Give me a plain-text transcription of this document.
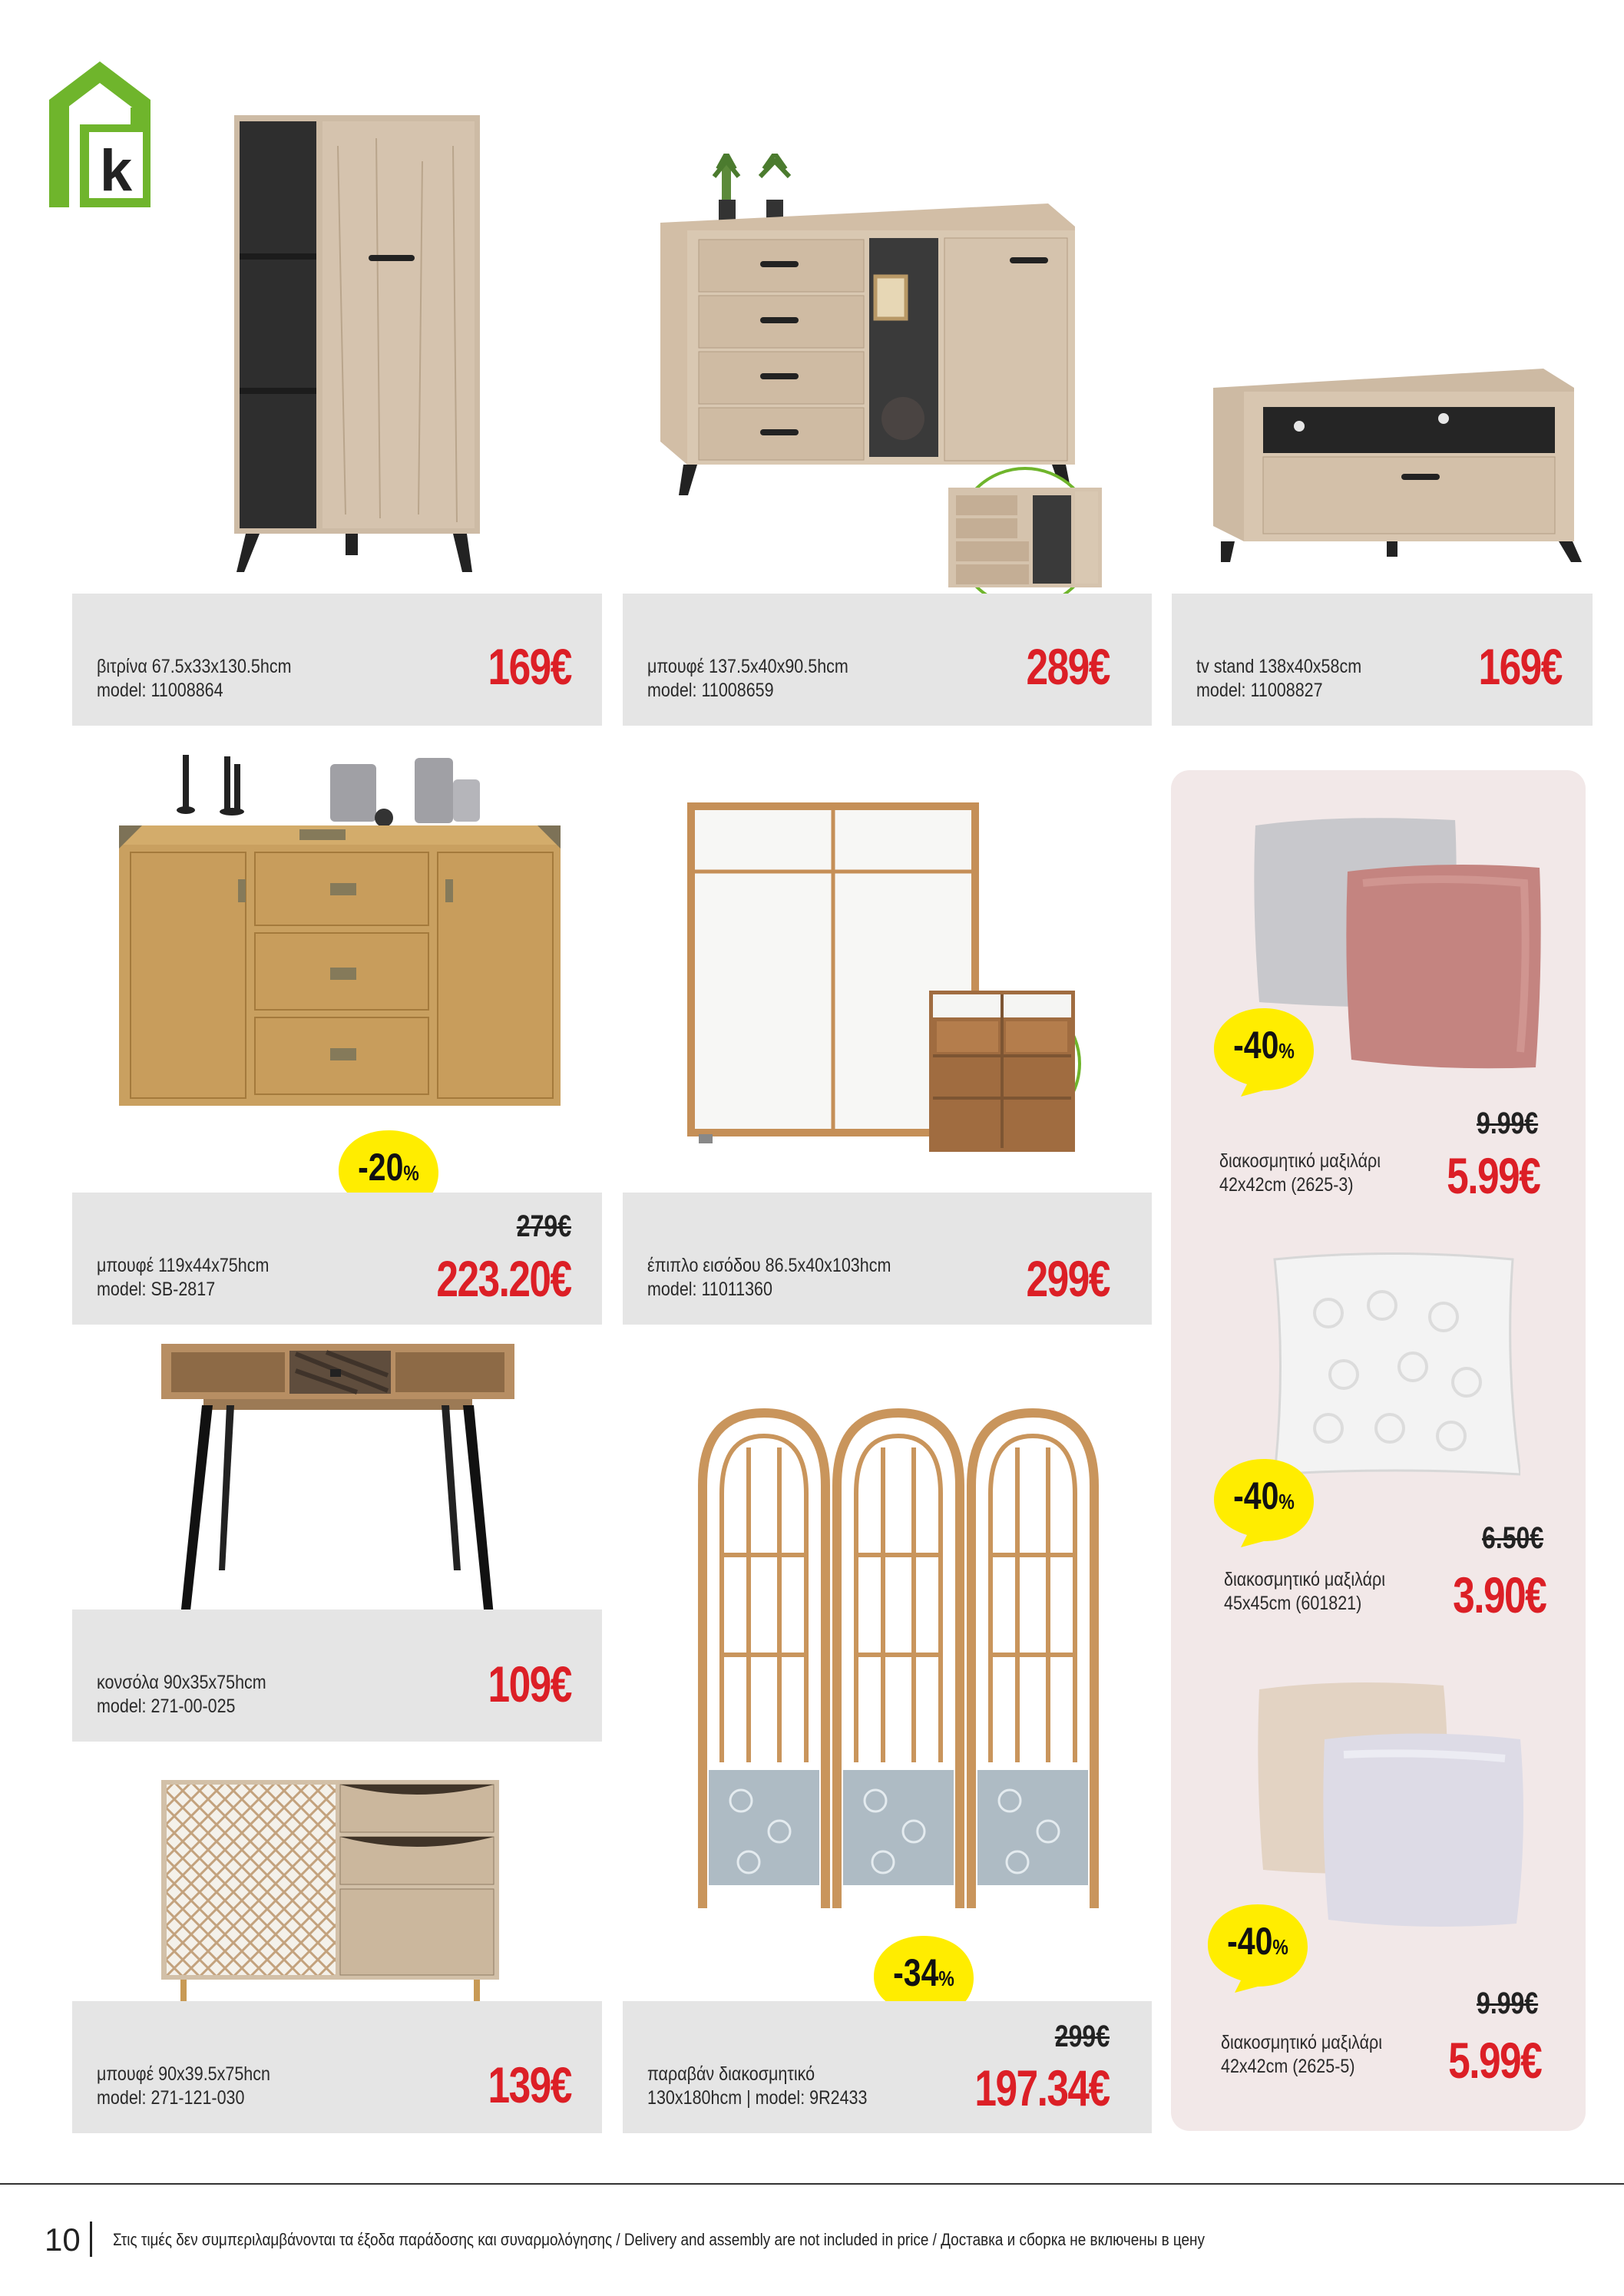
k
βιτρίνα 67.5x33x130.5hcm
model: 11008864	169€	μπουφέ 137.5x40x90.5hcm
model: 11008659	289€	tv stand 138x40x58cm
model: 11008827	169€
-20%
279€
μπουφέ 119x44x75hcm
model: SB-2817	223.20€	έπιπλο εισόδου 86.5x40x103hcm
model: 11011360	299€
κονσόλα 90x35x75hcm
model: 271-00-025	109€
μπουφέ 90x39.5x75hcn
model: 271-121-030	139€
-34%
299€
παραβάν διακοσμητικό
130x180hcm | model: 9R2433 197.34€
-40%
9.99€
διακοσμητικό μαξιλάρι
42x42cm (2625-3)	5.99€
-40%
6.50€
διακοσμητικό μαξιλάρι
45x45cm (601821)	3.90€
-40%
9.99€
διακοσμητικό μαξιλάρι
42x42cm (2625-5)	5.99€
10 Στις τιμές δεν συμπεριλαμβάνονται τα έξοδα παράδοσης και συναρμολόγησης / Delivery and assembly are not included in price / Доставка и сборка не включены в цену
